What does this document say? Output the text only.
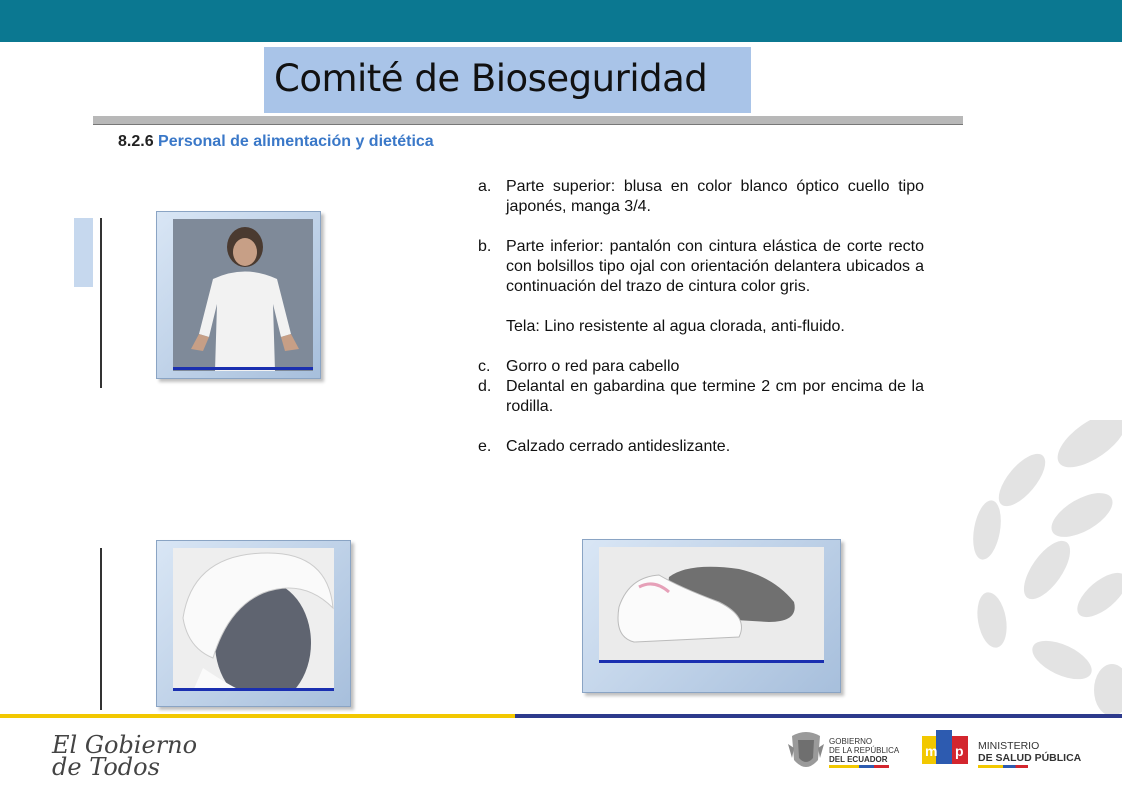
Comité de Bioseguridad
8.2.6 Personal de alimentación y dietética
a. Parte superior: blusa en color blanco óptico cuello tipo japonés, manga 3/4.
b. Parte inferior: pantalón con cintura elástica de corte recto con bolsillos tipo ojal con orientación delantera ubicados a continuación del trazo de cintura color gris.
Tela: Lino resistente al agua clorada, anti-fluido.
c. Gorro o red para cabello
d. Delantal en gabardina que termine 2 cm por encima de la rodilla.
e. Calzado cerrado antideslizante.
El Gobierno
de Todos
GOBIERNO
DE LA REPÚBLICA
DEL ECUADOR
m p MINISTERIO
DE SALUD PÚBLICA
